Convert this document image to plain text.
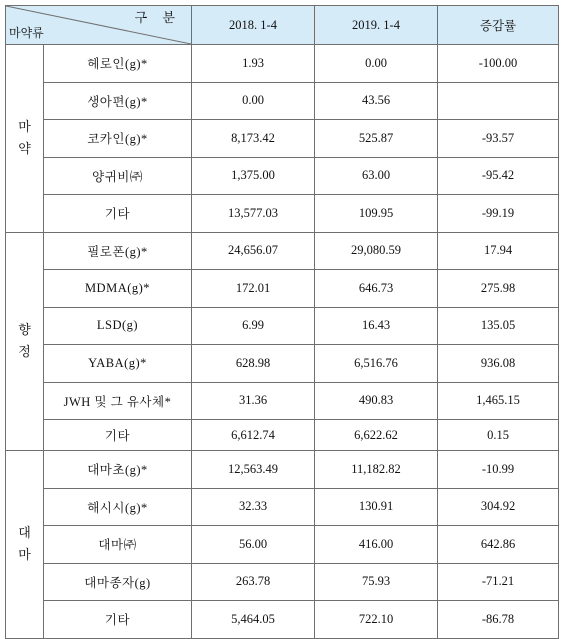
구 분
마약류		2018. 1-4	2019. 1-4	증감률

마
약	헤로인(g)*	1.93	0.00	-100.00
	생아편(g)*	0.00	43.56	
	코카인(g)*	8,173.42	525.87	-93.57
	양귀비㈜	1,375.00	63.00	-95.42
	기타	13,577.03	109.95	-99.19

향
정	필로폰(g)*	24,656.07	29,080.59	17.94
	MDMA(g)*	172.01	646.73	275.98
	LSD(g)	6.99	16.43	135.05
	YABA(g)*	628.98	6,516.76	936.08
	JWH 및 그 유사체*	31.36	490.83	1,465.15
	기타	6,612.74	6,622.62	0.15

대
마	대마초(g)*	12,563.49	11,182.82	-10.99
	해시시(g)*	32.33	130.91	304.92
	대마㈜	56.00	416.00	642.86
	대마종자(g)	263.78	75.93	-71.21
	기타	5,464.05	722.10	-86.78
